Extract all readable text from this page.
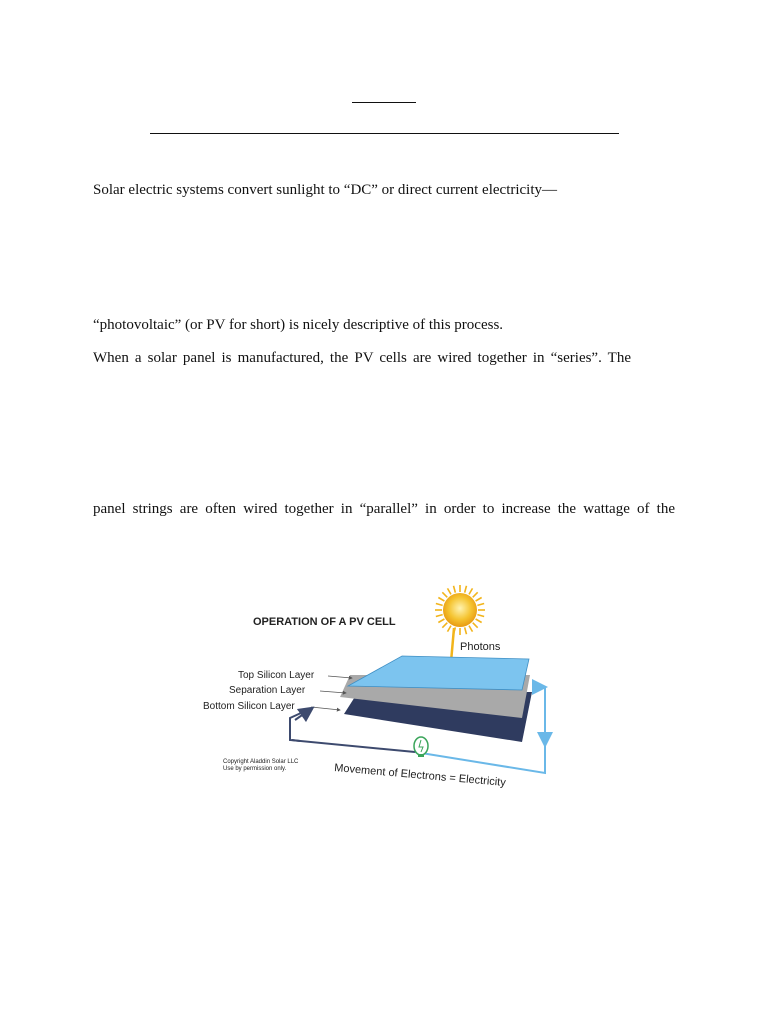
Solar electric systems convert sunlight to “DC” or direct current electricity—

“photovoltaic” (or PV for short) is nicely descriptive of this process.

When a solar panel is manufactured, the PV cells are wired together in “series”. The

panel strings are often wired together in “parallel” in order to increase the wattage of the

OPERATION OF A PV CELL
Photons
Top Silicon Layer
Separation Layer
Bottom Silicon Layer
Copyright Aladdin Solar LLC
Use by permission only.	Movement of Electrons = Electricity
